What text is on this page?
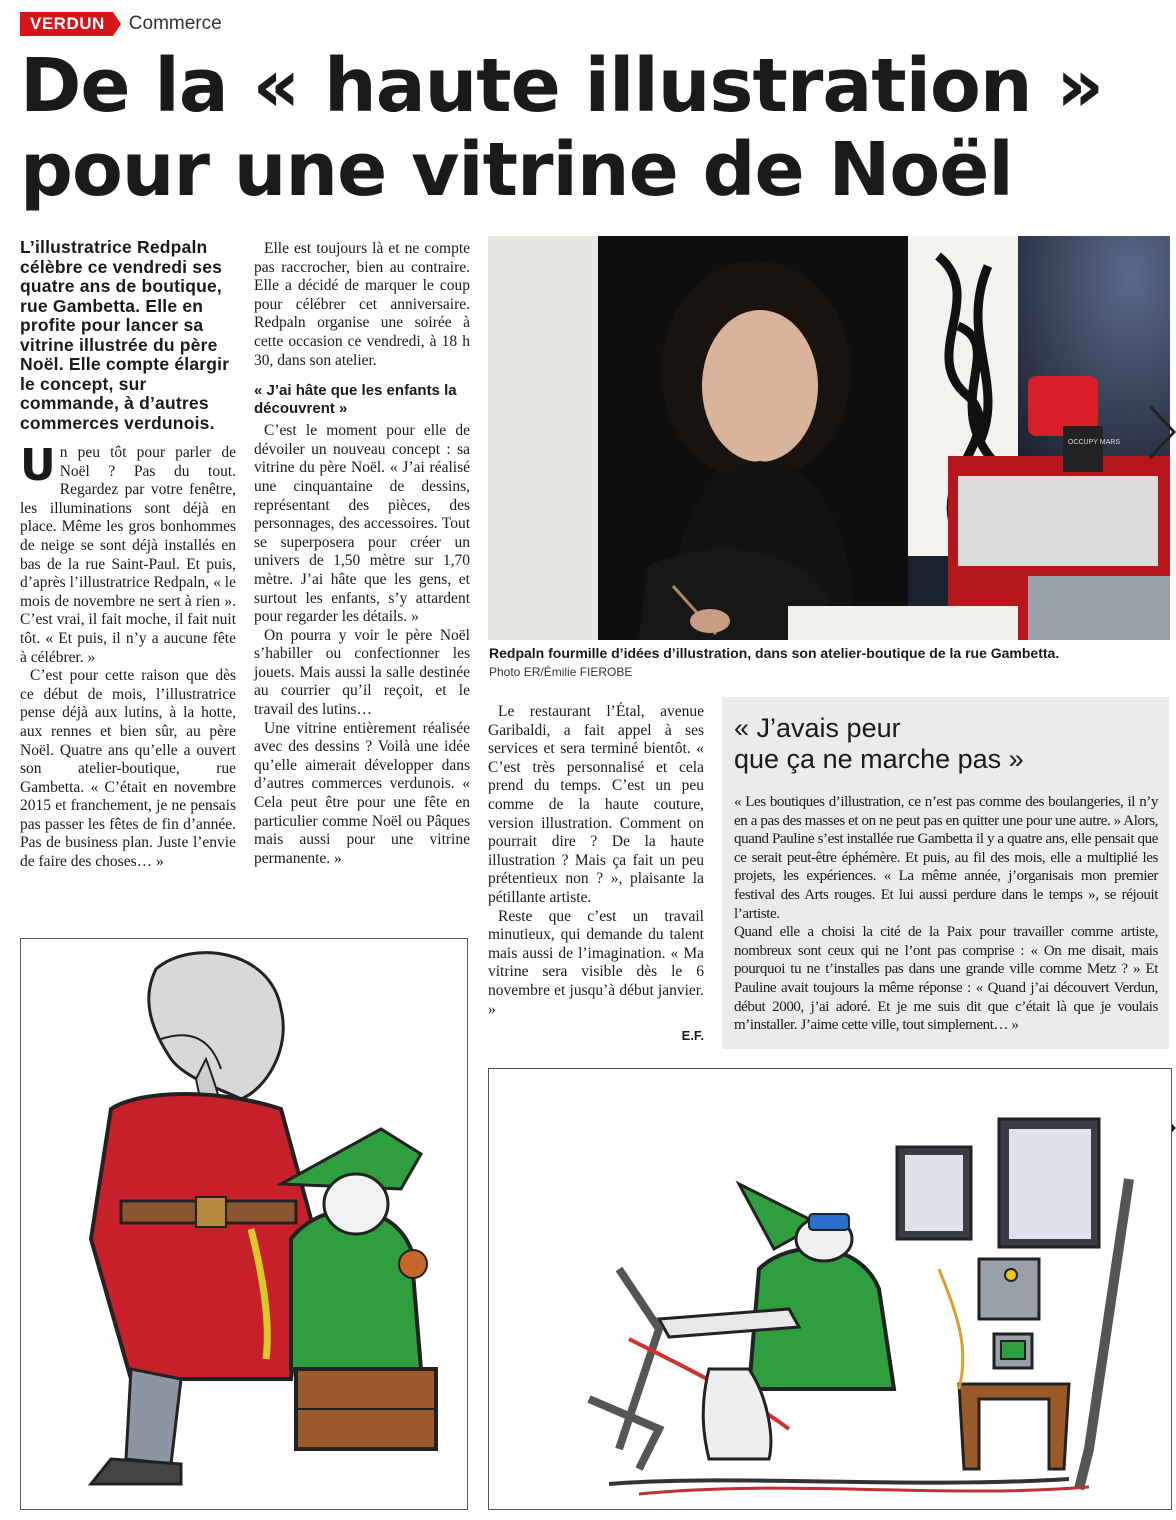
VERDUN	Commerce
De la « haute illustration »
pour une vitrine de Noël
L’illustratrice Redpaln célèbre ce vendredi ses quatre ans de boutique, rue Gambetta. Elle en profite pour lancer sa vitrine illustrée du père Noël. Elle compte élargir le concept, sur commande, à d’autres commerces verdunois.

Un peu tôt pour parler de Noël ? Pas du tout. Regardez par votre fenêtre, les illuminations sont déjà en place. Même les gros bonhommes de neige se sont déjà installés en bas de la rue Saint-Paul. Et puis, d’après l’illustratrice Redpaln, « le mois de novembre ne sert à rien ». C’est vrai, il fait moche, il fait nuit tôt. « Et puis, il n’y a aucune fête à célébrer. »

C’est pour cette raison que dès ce début de mois, l’illustratrice pense déjà aux lutins, à la hotte, aux rennes et bien sûr, au père Noël. Quatre ans qu’elle a ouvert son atelier-boutique, rue Gambetta. « C’était en novembre 2015 et franchement, je ne pensais pas passer les fêtes de fin d’année. Pas de business plan. Juste l’envie de faire des choses… »

Elle est toujours là et ne compte pas raccrocher, bien au contraire. Elle a décidé de marquer le coup pour célébrer cet anniversaire. Redpaln organise une soirée à cette occasion ce vendredi, à 18 h 30, dans son atelier.

« J’ai hâte que les enfants la découvrent »

C’est le moment pour elle de dévoiler un nouveau concept : sa vitrine du père Noël. « J’ai réalisé une cinquantaine de dessins, représentant des pièces, des personnages, des accessoires. Tout se superposera pour créer un univers de 1,50 mètre sur 1,70 mètre. J’ai hâte que les gens, et surtout les enfants, s’y attardent pour regarder les détails. »

On pourra y voir le père Noël s’habiller ou confectionner les jouets. Mais aussi la salle destinée au courrier qu’il reçoit, et le travail des lutins…

Une vitrine entièrement réalisée avec des dessins ? Voilà une idée qu’elle aimerait développer dans d’autres commerces verdunois. « Cela peut être pour une fête en particulier comme Noël ou Pâques mais aussi pour une vitrine permanente. »

OCCUPY MARS
Redpaln fourmille d’idées d’illustration, dans son atelier-boutique de la rue Gambetta.
Photo ER/Émilie FIEROBE

Le restaurant l’Étal, avenue Garibaldi, a fait appel à ses services et sera terminé bientôt. « C’est très personnalisé et cela prend du temps. C’est un peu comme de la haute couture, version illustration. Comment on pourrait dire ? De la haute illustration ? Mais ça fait un peu prétentieux non ? », plaisante la pétillante artiste.

Reste que c’est un travail minutieux, qui demande du talent mais aussi de l’imagination. « Ma vitrine sera visible dès le 6 novembre et jusqu’à début janvier. »

E.F.
« J’avais peur
que ça ne marche pas »

« Les boutiques d’illustration, ce n’est pas comme des boulangeries, il n’y en a pas des masses et on ne peut pas en quitter une pour une autre. » Alors, quand Pauline s’est installée rue Gambetta il y a quatre ans, elle pensait que ce serait peut-être éphémère. Et puis, au fil des mois, elle a multiplié les projets, les expériences. « La même année, j’organisais mon premier festival des Arts rouges. Et lui aussi perdure dans le temps », se réjouit l’artiste.

Quand elle a choisi la cité de la Paix pour travailler comme artiste, nombreux sont ceux qui ne l’ont pas comprise : « On me disait, mais pourquoi tu ne t’installes pas dans une grande ville comme Metz ? » Et Pauline avait toujours la même réponse : « Quand j’ai découvert Verdun, début 2000, j’ai adoré. Et je me suis dit que c’était là que je voulais m’installer. J’aime cette ville, tout simplement… »
